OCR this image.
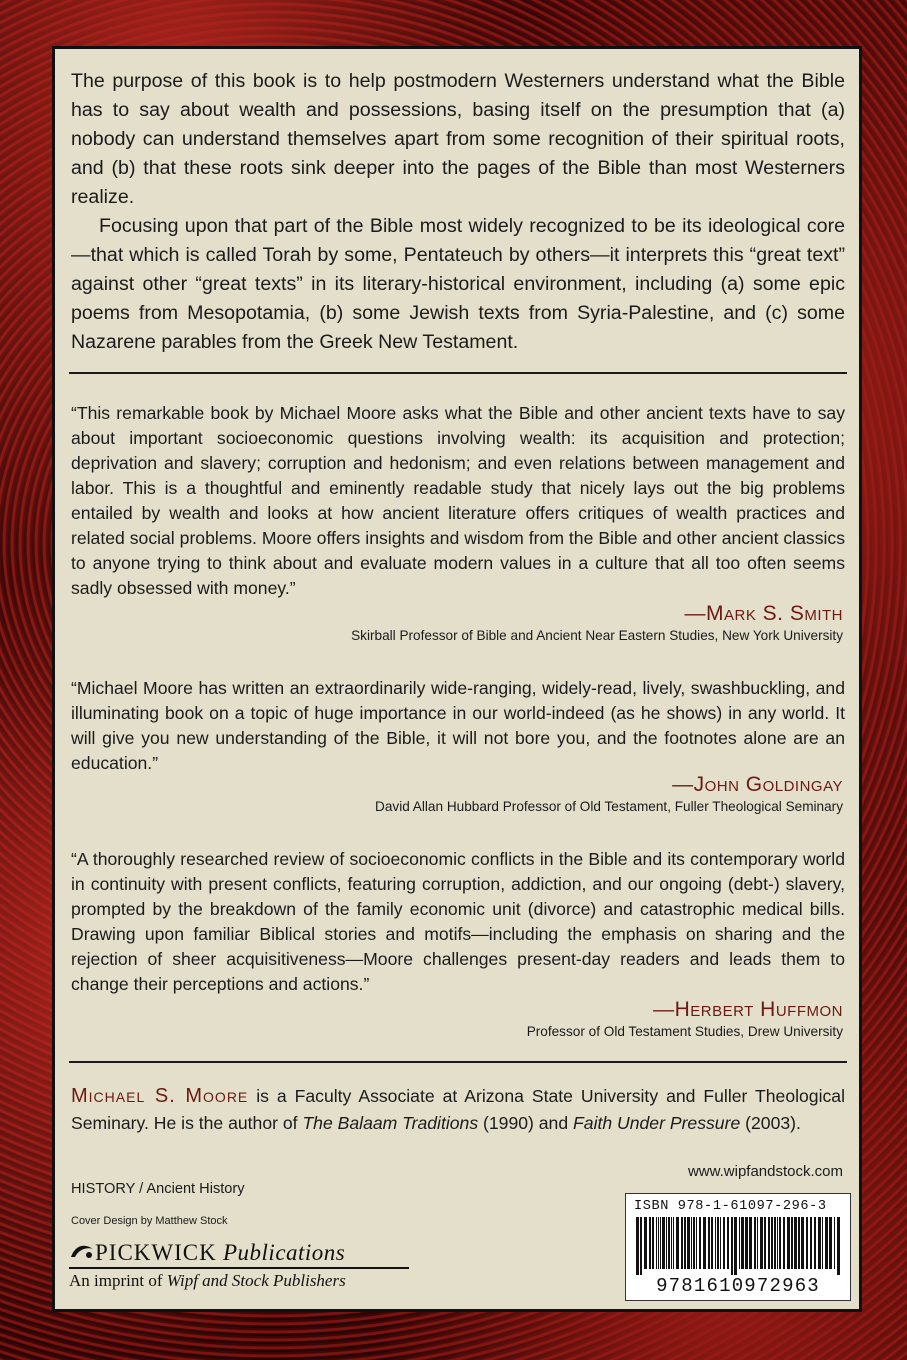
The purpose of this book is to help postmodern Westerners understand what the Bible has to say about wealth and possessions, basing itself on the presumption that (a) nobody can understand themselves apart from some recognition of their spiritual roots, and (b) that these roots sink deeper into the pages of the Bible than most Westerners realize.

Focusing upon that part of the Bible most widely recognized to be its ideological core—that which is called Torah by some, Pentateuch by others—it interprets this “great text” against other “great texts” in its literary-historical environment, including (a) some epic poems from Mesopotamia, (b) some Jewish texts from Syria-Palestine, and (c) some Nazarene parables from the Greek New Testament.

“This remarkable book by Michael Moore asks what the Bible and other ancient texts have to say about important socioeconomic questions involving wealth: its acquisition and protection; deprivation and slavery; corruption and hedonism; and even relations between management and labor. This is a thoughtful and eminently readable study that nicely lays out the big problems entailed by wealth and looks at how ancient literature offers critiques of wealth practices and related social problems. Moore offers insights and wisdom from the Bible and other ancient classics to anyone trying to think about and evaluate modern values in a culture that all too often seems sadly obsessed with money.”

—Mark S. Smith
Skirball Professor of Bible and Ancient Near Eastern Studies, New York University

“Michael Moore has written an extraordinarily wide-ranging, widely-read, lively, swashbuckling, and illuminating book on a topic of huge importance in our world-indeed (as he shows) in any world. It will give you new understanding of the Bible, it will not bore you, and the footnotes alone are an education.”

—John Goldingay
David Allan Hubbard Professor of Old Testament, Fuller Theological Seminary

“A thoroughly researched review of socioeconomic conflicts in the Bible and its contemporary world in continuity with present conflicts, featuring corruption, addiction, and our ongoing (debt-) slavery, prompted by the breakdown of the family economic unit (divorce) and catastrophic medical bills. Drawing upon familiar Biblical stories and motifs—including the emphasis on sharing and the rejection of sheer acquisitiveness—Moore challenges present-day readers and leads them to change their perceptions and actions.”

—Herbert Huffmon
Professor of Old Testament Studies, Drew University
Michael S. Moore is a Faculty Associate at Arizona State University and Fuller Theological Seminary. He is the author of The Balaam Traditions (1990) and Faith Under Pressure (2003).
www.wipfandstock.com
HISTORY / Ancient History
Cover Design by Matthew Stock
PICKWICK Publications
An imprint of Wipf and Stock Publishers
ISBN 978-1-61097-296-3
9781610972963
